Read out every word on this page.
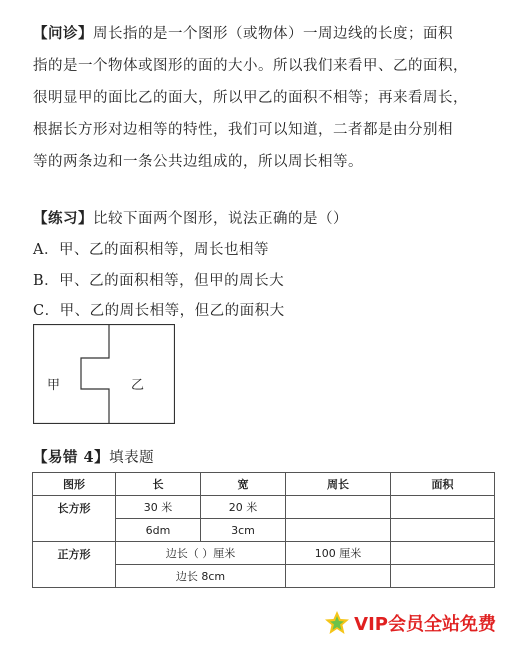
【问诊】周长指的是一个图形（或物体）一周边线的长度；面积
指的是一个物体或图形的面的大小。所以我们来看甲、乙的面积，
很明显甲的面比乙的面大，所以甲乙的面积不相等；再来看周长，
根据长方形对边相等的特性，我们可以知道，二者都是由分别相
等的两条边和一条公共边组成的，所以周长相等。
【练习】比较下面两个图形，说法正确的是（）
A．甲、乙的面积相等，周长也相等
B．甲、乙的面积相等，但甲的周长大
C．甲、乙的周长相等，但乙的面积大
甲	乙
【易错 4】填表题
图形	长	宽	周长	面积
长方形	30 米	20 米		
	6dm	3cm		
正方形	边长（ ）厘米		100 厘米	
	边长 8cm			
VIP会员全站免费
